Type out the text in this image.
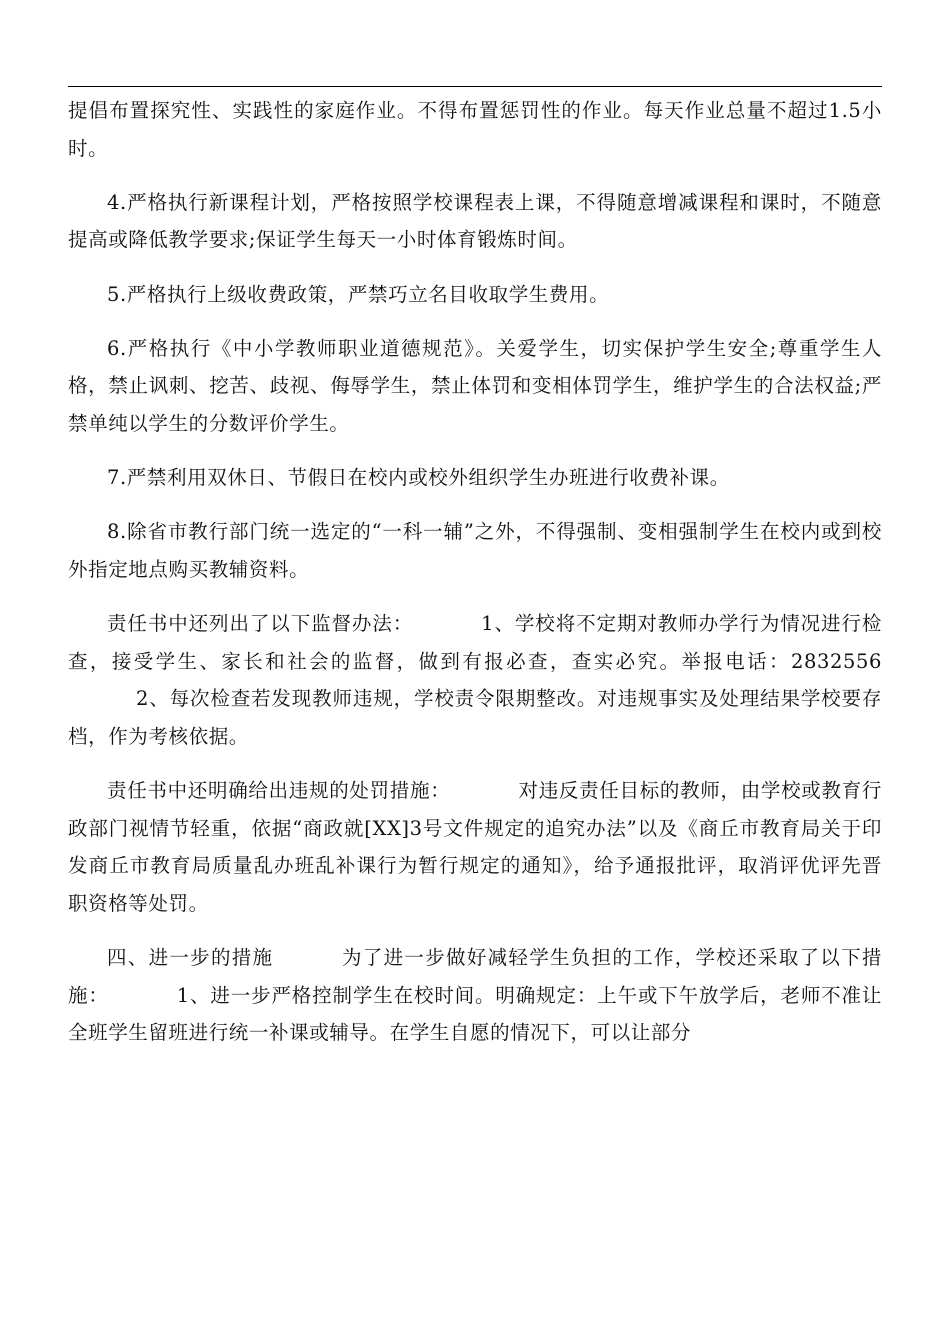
提倡布置探究性、实践性的家庭作业。不得布置惩罚性的作业。每天作业总量不超过1.5小时。

4.严格执行新课程计划，严格按照学校课程表上课，不得随意增减课程和课时，不随意提高或降低教学要求;保证学生每天一小时体育锻炼时间。

5.严格执行上级收费政策，严禁巧立名目收取学生费用。

6.严格执行《中小学教师职业道德规范》。关爱学生，切实保护学生安全;尊重学生人格，禁止讽刺、挖苦、歧视、侮辱学生，禁止体罚和变相体罚学生，维护学生的合法权益;严禁单纯以学生的分数评价学生。

7.严禁利用双休日、节假日在校内或校外组织学生办班进行收费补课。

8.除省市教行部门统一选定的“一科一辅”之外，不得强制、变相强制学生在校内或到校外指定地点购买教辅资料。

责任书中还列出了以下监督办法：	1、学校将不定期对教师办学行为情况进行检查，接受学生、家长和社会的监督，做到有报必查，查实必究。举报电话：28325562、每次检查若发现教师违规，学校责令限期整改。对违规事实及处理结果学校要存档，作为考核依据。

责任书中还明确给出违规的处罚措施：	对违反责任目标的教师，由学校或教育行政部门视情节轻重，依据“商政就[XX]3号文件规定的追究办法”以及《商丘市教育局关于印发商丘市教育局质量乱办班乱补课行为暂行规定的通知》，给予通报批评，取消评优评先晋职资格等处罚。

四、进一步的措施	为了进一步做好减轻学生负担的工作，学校还采取了以下措施：	1、进一步严格控制学生在校时间。明确规定：上午或下午放学后，老师不准让全班学生留班进行统一补课或辅导。在学生自愿的情况下，可以让部分
